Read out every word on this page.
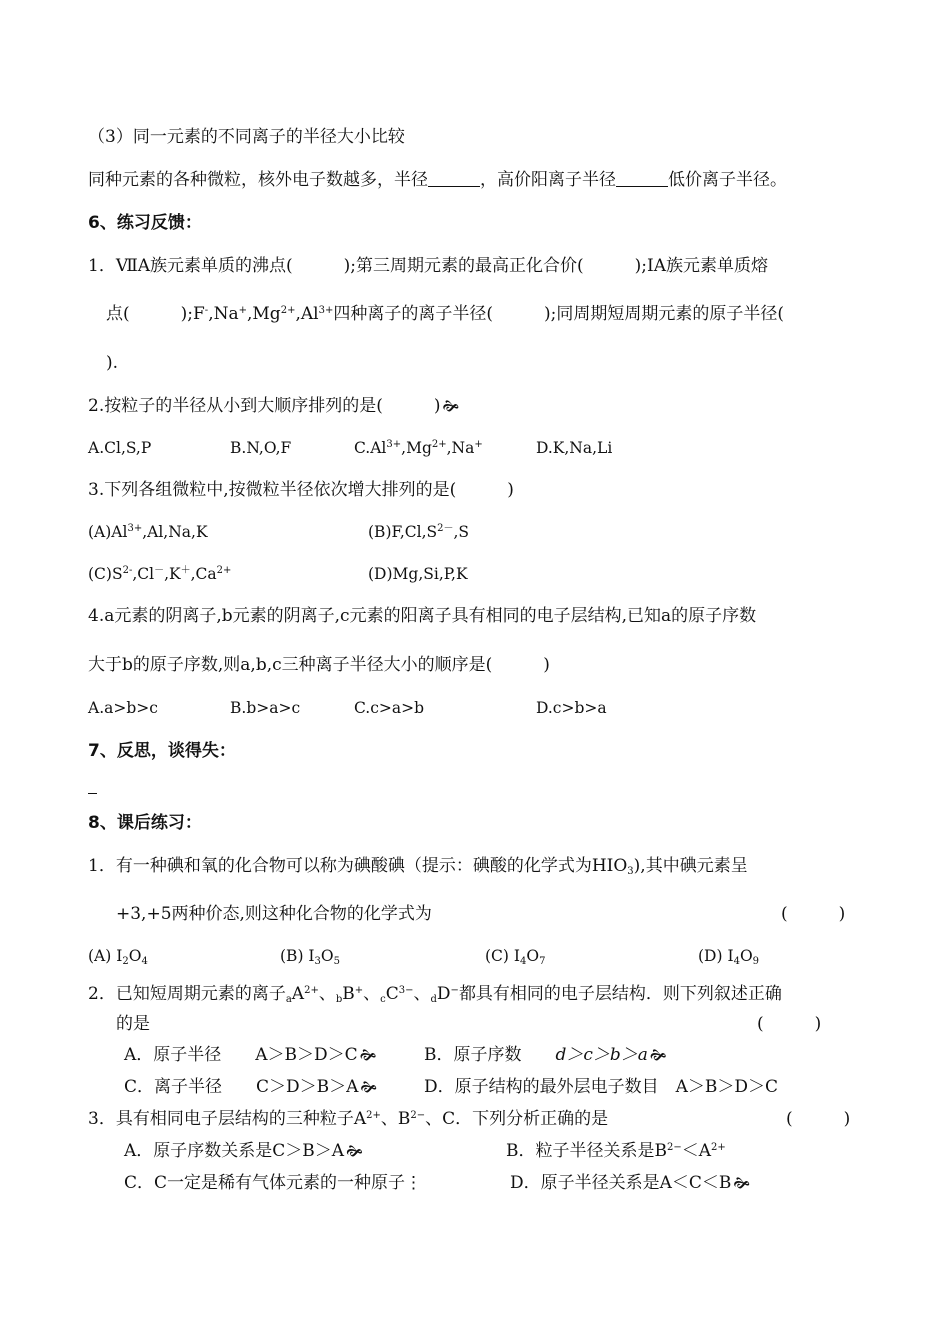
（3）同一元素的不同离子的半径大小比较
同种元素的各种微粒，核外电子数越多，半径	，高价阳离子半径	低价离子半径。
6、练习反馈：
1．ⅦA族元素单质的沸点(　　　);第三周期元素的最高正化合价(　　　);IA族元素单质熔
点(　　　)$;F^-,Na^+,Mg^{2+},Al^{3+}$四种离子的离子半径(　　　);同周期短周期元素的原子半径(
).
2.按粒子的半径从小到大顺序排列的是(　　　) 🙞
A.Cl,S,P	B.N,O,F	$C.Al^{3+},Mg^{2+},Na^+$	D.K,Na,Li
3.下列各组微粒中,按微粒半径依次增大排列的是(　　　)
$(A)Al^{3+},Al,Na,K$	$(B)F,Cl,S^{2-},S$
$(C)S^{2-},Cl^-,K^+,Ca^{2+}$	(D)Mg,Si,P,K
4.a元素的阴离子,b元素的阴离子,c元素的阳离子具有相同的电子层结构,已知a的原子序数
大于b的原子序数,则a,b,c三种离子半径大小的顺序是(　　　)
A.a>b>c	B.b>a>c	C.c>a>b	D.c>b>a
7、反思，谈得失：
8、课后练习：
1．有一种碘和氧的化合物可以称为碘酸碘（提示：碘酸的化学式为$HIO_3$),其中碘元素呈
+3,+5两种价态,则这种化合物的化学式为	(　　　)
(A) $I_2O_4$	(B) $I_3O_5$	(C) $I_4O_7$	(D) $I_4O_9$
2．已知短周期元素的离子$_aA^{2+}$、$_b$B+、$_cC^{3-}$、$_d$D−都具有相同的电子层结构．则下列叙述正确
的是	(　　　)
A．原子半径　　A＞B＞D＞C 🙞	B．原子序数 d＞c＞b＞a 🙞
C．离子半径　　C＞D＞B＞A 🙞	D．原子结构的最外层电子数目　A＞B＞D＞C
3．具有相同电子层结构的三种粒子$A^{2+}$、$B^{2-}$、C．下列分析正确的是	(　　　)
A．原子序数关系是C＞B＞A 🙞	B．粒子半径关系是$B^{2-}<A^{2+}$
C．C一定是稀有气体元素的一种原子⋮	D．原子半径关系是A＜C＜B 🙞
